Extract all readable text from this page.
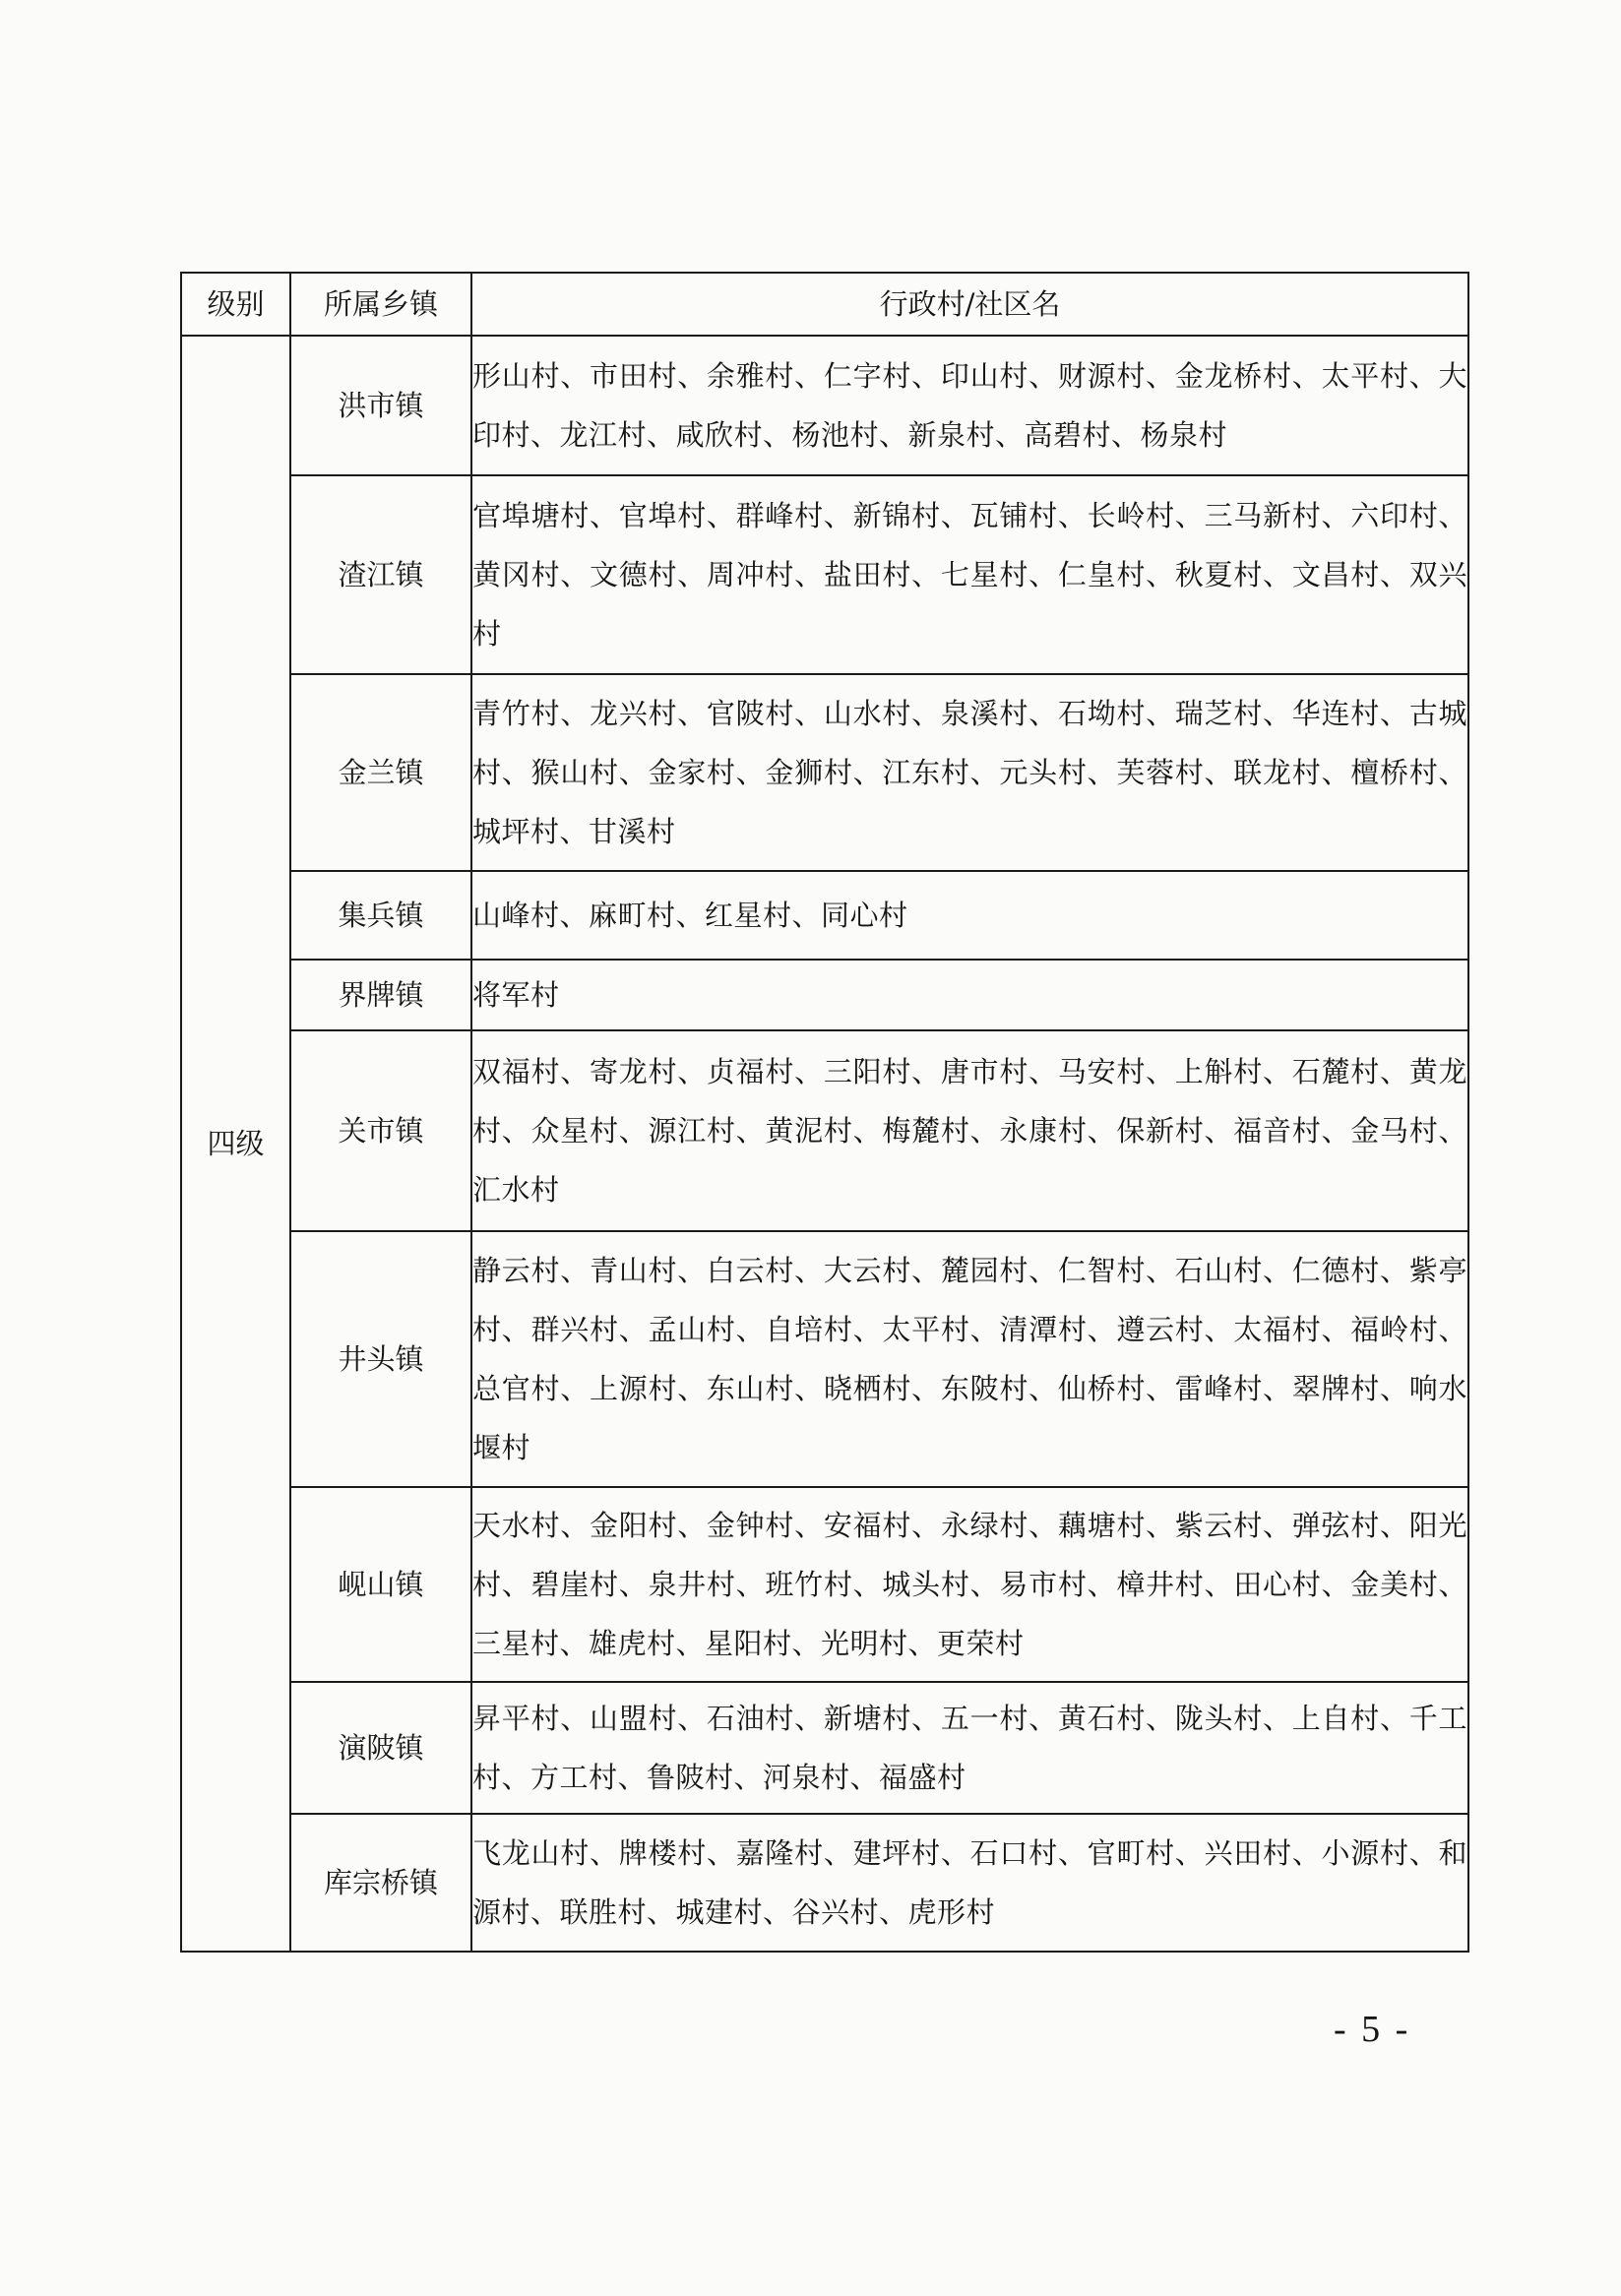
级别	所属乡镇	行政村/社区名
四级	洪市镇	形山村、市田村、余雅村、仁字村、印山村、财源村、金龙桥村、太平村、大印村、龙江村、咸欣村、杨池村、新泉村、高碧村、杨泉村
	渣江镇	官埠塘村、官埠村、群峰村、新锦村、瓦铺村、长岭村、三马新村、六印村、黄冈村、文德村、周冲村、盐田村、七星村、仁皇村、秋夏村、文昌村、双兴村
	金兰镇	青竹村、龙兴村、官陂村、山水村、泉溪村、石坳村、瑞芝村、华连村、古城村、猴山村、金家村、金狮村、江东村、元头村、芙蓉村、联龙村、檀桥村、城坪村、甘溪村
	集兵镇	山峰村、麻町村、红星村、同心村
	界牌镇	将军村
	关市镇	双福村、寄龙村、贞福村、三阳村、唐市村、马安村、上斛村、石麓村、黄龙村、众星村、源江村、黄泥村、梅麓村、永康村、保新村、福音村、金马村、汇水村
	井头镇	静云村、青山村、白云村、大云村、麓园村、仁智村、石山村、仁德村、紫亭村、群兴村、孟山村、自培村、太平村、清潭村、遵云村、太福村、福岭村、总官村、上源村、东山村、晓栖村、东陂村、仙桥村、雷峰村、翠牌村、响水堰村
	岘山镇	天水村、金阳村、金钟村、安福村、永绿村、藕塘村、紫云村、弹弦村、阳光村、碧崖村、泉井村、班竹村、城头村、易市村、樟井村、田心村、金美村、三星村、雄虎村、星阳村、光明村、更荣村
	演陂镇	昇平村、山盟村、石油村、新塘村、五一村、黄石村、陇头村、上自村、千工村、方工村、鲁陂村、河泉村、福盛村
	库宗桥镇	飞龙山村、牌楼村、嘉隆村、建坪村、石口村、官町村、兴田村、小源村、和源村、联胜村、城建村、谷兴村、虎形村
- 5 -
